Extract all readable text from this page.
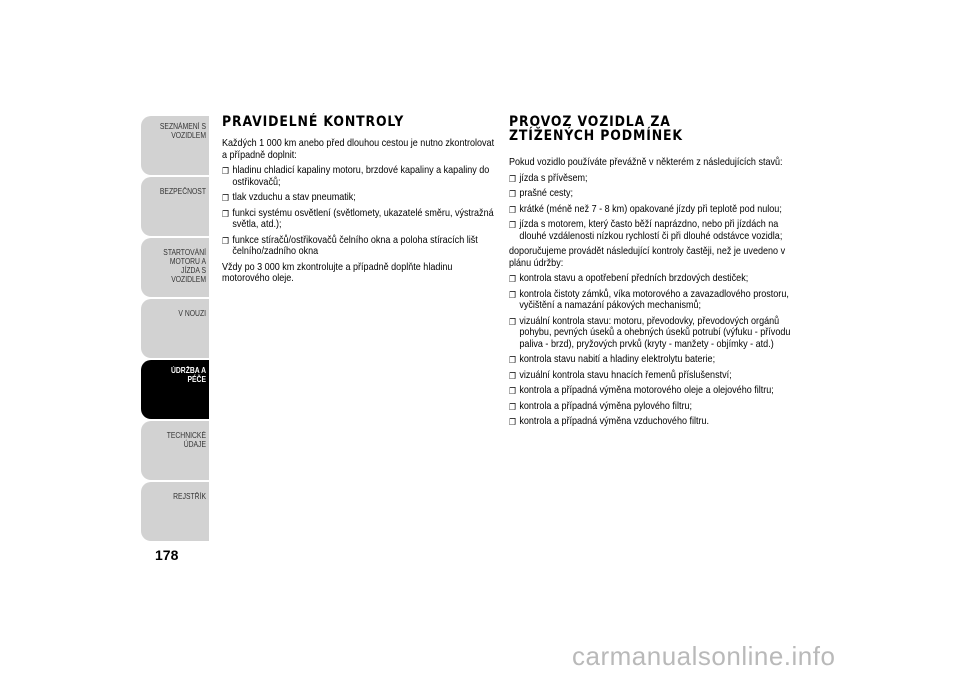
SEZNÁMENÍ S VOZIDLEM
BEZPEČNOST
STARTOVÁNÍ MOTORU A JÍZDA S VOZIDLEM
V NOUZI
ÚDRŽBA A PÉČE
TECHNICKÉ ÚDAJE
REJSTŘÍK
178
PRAVIDELNÉ KONTROLY

Každých 1 000 km anebo před dlouhou cestou je nutno zkontrolovat a případně doplnit:

❐ hladinu chladicí kapaliny motoru, brzdové kapaliny a kapaliny do ostřikovačů;
❐ tlak vzduchu a stav pneumatik;
❐ funkci systému osvětlení (světlomety, ukazatelé směru, výstražná světla, atd.);
❐ funkce stíračů/ostřikovačů čelního okna a poloha stíracích lišt čelního/zadního okna

Vždy po 3 000 km zkontrolujte a případně doplňte hladinu motorového oleje.

PROVOZ VOZIDLA ZA
ZTÍŽENÝCH PODMÍNEK

Pokud vozidlo používáte převážně v některém z následujících stavů:

❐ jízda s přívěsem;
❐ prašné cesty;
❐ krátké (méně než 7 - 8 km) opakované jízdy při teplotě pod nulou;
❐ jízda s motorem, který často běží naprázdno, nebo při jízdách na dlouhé vzdálenosti nízkou rychlostí či při dlouhé odstávce vozidla;

doporučujeme provádět následující kontroly častěji, než je uvedeno v plánu údržby:

❐ kontrola stavu a opotřebení předních brzdových destiček;
❐ kontrola čistoty zámků, víka motorového a zavazadlového prostoru, vyčištění a namazání pákových mechanismů;
❐ vizuální kontrola stavu: motoru, převodovky, převodových orgánů pohybu, pevných úseků a ohebných úseků potrubí (výfuku - přívodu paliva - brzd), pryžových prvků (kryty - manžety - objímky - atd.)
❐ kontrola stavu nabití a hladiny elektrolytu baterie;
❐ vizuální kontrola stavu hnacích řemenů příslušenství;
❐ kontrola a případná výměna motorového oleje a olejového filtru;
❐ kontrola a případná výměna pylového filtru;
❐ kontrola a případná výměna vzduchového filtru.
carmanualsonline.info
